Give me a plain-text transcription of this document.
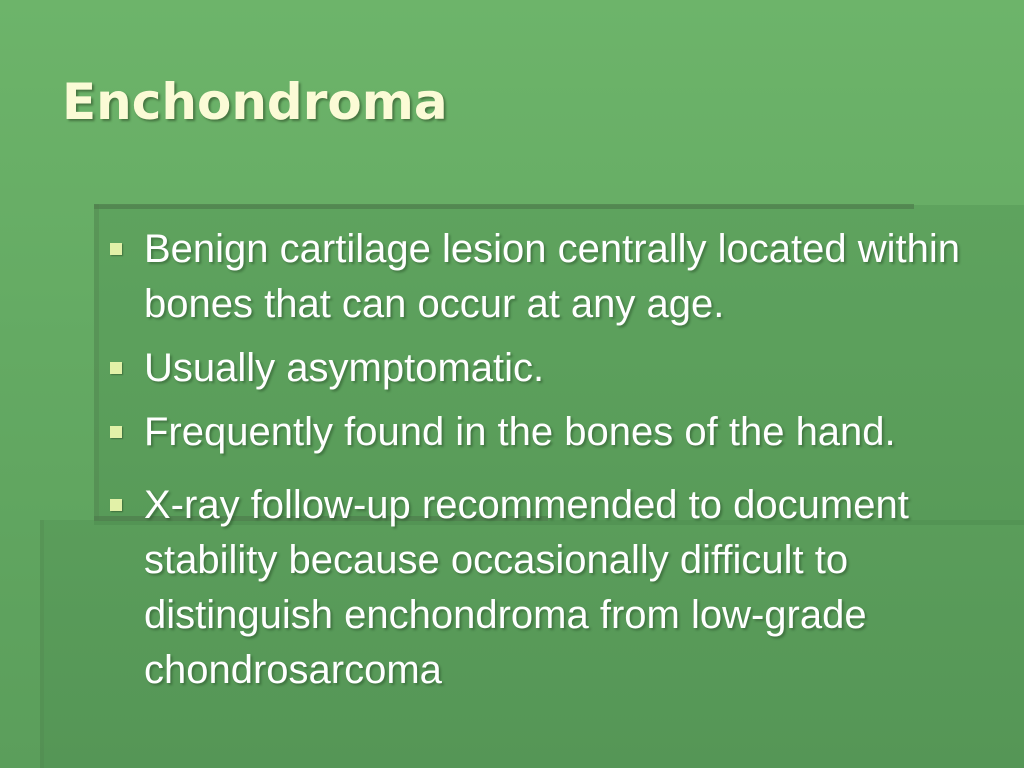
Enchondroma
Benign cartilage lesion centrally located within bones that can occur at any age.
Usually asymptomatic.
Frequently found in the bones of the hand.
X-ray follow-up recommended to document stability because occasionally difficult to distinguish enchondroma from low-grade chondrosarcoma
